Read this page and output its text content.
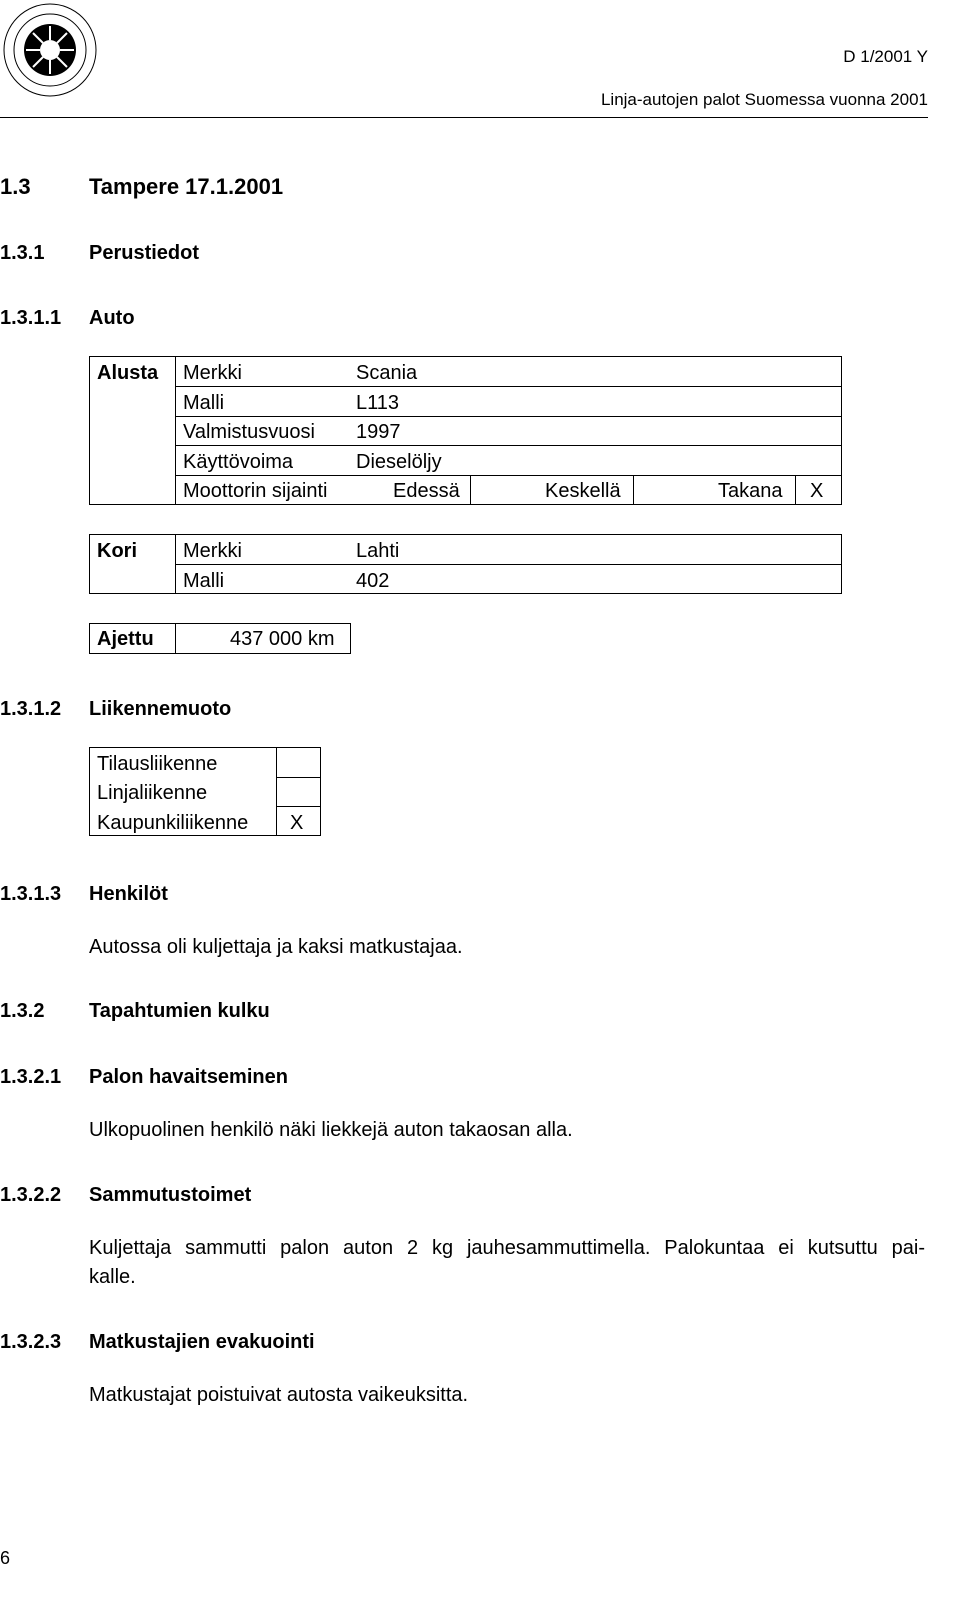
D 1/2001 Y
Linja-autojen palot Suomessa vuonna 2001
1.3	Tampere 17.1.2001
1.3.1 Perustiedot
1.3.1.1 Auto
Alusta Merkki	Scania
Malli	L113
Valmistusvuosi 1997
Käyttövoima	Dieselöljy
Moottorin sijainti	Edessä	Keskellä	Takana X
Kori Merkki	Lahti
Malli	402
Ajettu	437 000 km
1.3.1.2 Liikennemuoto
Tilausliikenne
Linjaliikenne
Kaupunkiliikenne X
1.3.1.3 Henkilöt
Autossa oli kuljettaja ja kaksi matkustajaa.
1.3.2 Tapahtumien kulku
1.3.2.1 Palon havaitseminen
Ulkopuolinen henkilö näki liekkejä auton takaosan alla.
1.3.2.2 Sammutustoimet
Kuljettaja sammutti palon auton 2 kg jauhesammuttimella. Palokuntaa ei kutsuttu pai-
kalle.
1.3.2.3 Matkustajien evakuointi
Matkustajat poistuivat autosta vaikeuksitta.
6
